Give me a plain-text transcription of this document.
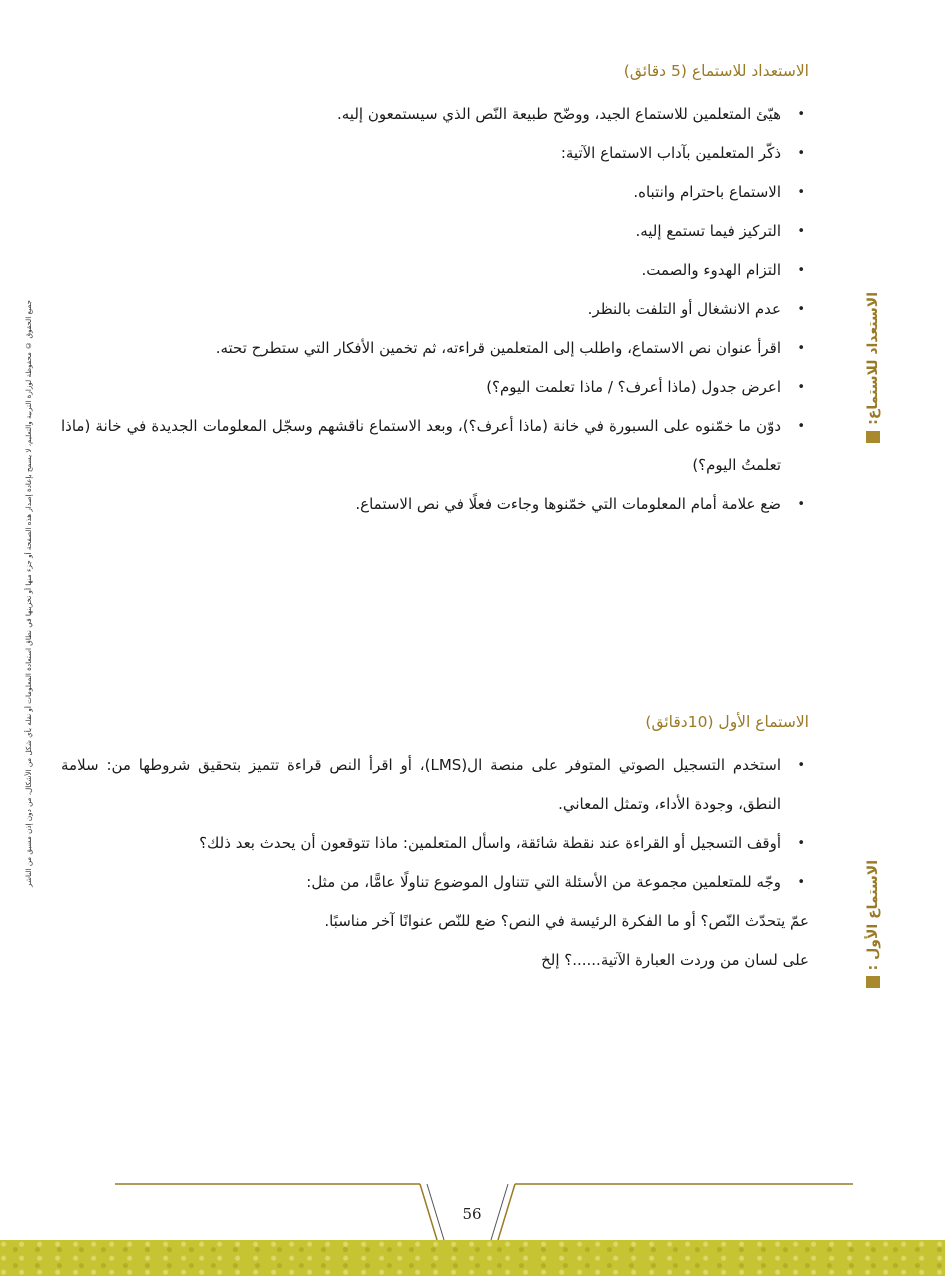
جميع الحقوق © محفوظة لوزارة التربية والتعليم، لا يسمح بإعادة إصدار هذه الصفحة أو جزء منها أو تخزينها في نطاق استعادة المعلومات أو نقله بأي شكل من الأشكال، من دون إذن مسبق من الناشر	الاستعداد للاستماع:
الاستماع الأول :
الاستعداد للاستماع (5 دقائق)
• هيّئ المتعلمين للاستماع الجيد، ووضّح طبيعة النّص الذي سيستمعون إليه.
• ذكّر المتعلمين بآداب الاستماع الآتية:
• الاستماع باحترام وانتباه.
• التركيز فيما تستمع إليه.
• التزام الهدوء والصمت.
• عدم الانشغال أو التلفت بالنظر.
• اقرأ عنوان نص الاستماع، واطلب إلى المتعلمين قراءته، ثم تخمين الأفكار التي ستطرح تحته.
• اعرض جدول (ماذا أعرف؟ / ماذا تعلمت اليوم؟)
• دوّن ما خمّنوه على السبورة في خانة (ماذا أعرف؟)، وبعد الاستماع ناقشهم وسجّل المعلومات الجديدة في خانة (ماذا تعلمتُ اليوم؟)
• ضع علامة أمام المعلومات التي خمّنوها وجاءت فعلًا في نص الاستماع.
الاستماع الأول (10دقائق)
• استخدم التسجيل الصوتي المتوفر على منصة ال(LMS)، أو اقرأ النص قراءة تتميز بتحقيق شروطها من: سلامة النطق، وجودة الأداء، وتمثل المعاني.
• أوقف التسجيل أو القراءة عند نقطة شائقة، واسأل المتعلمين: ماذا تتوقعون أن يحدث بعد ذلك؟
• وجّه للمتعلمين مجموعة من الأسئلة التي تتناول الموضوع تناولًا عامًّا، من مثل:
عمّ يتحدّث النّص؟ أو ما الفكرة الرئيسة في النص؟ ضع للنّص عنوانًا آخر مناسبًا.
على لسان من وردت العبارة الآتية......؟ إلخ
56
